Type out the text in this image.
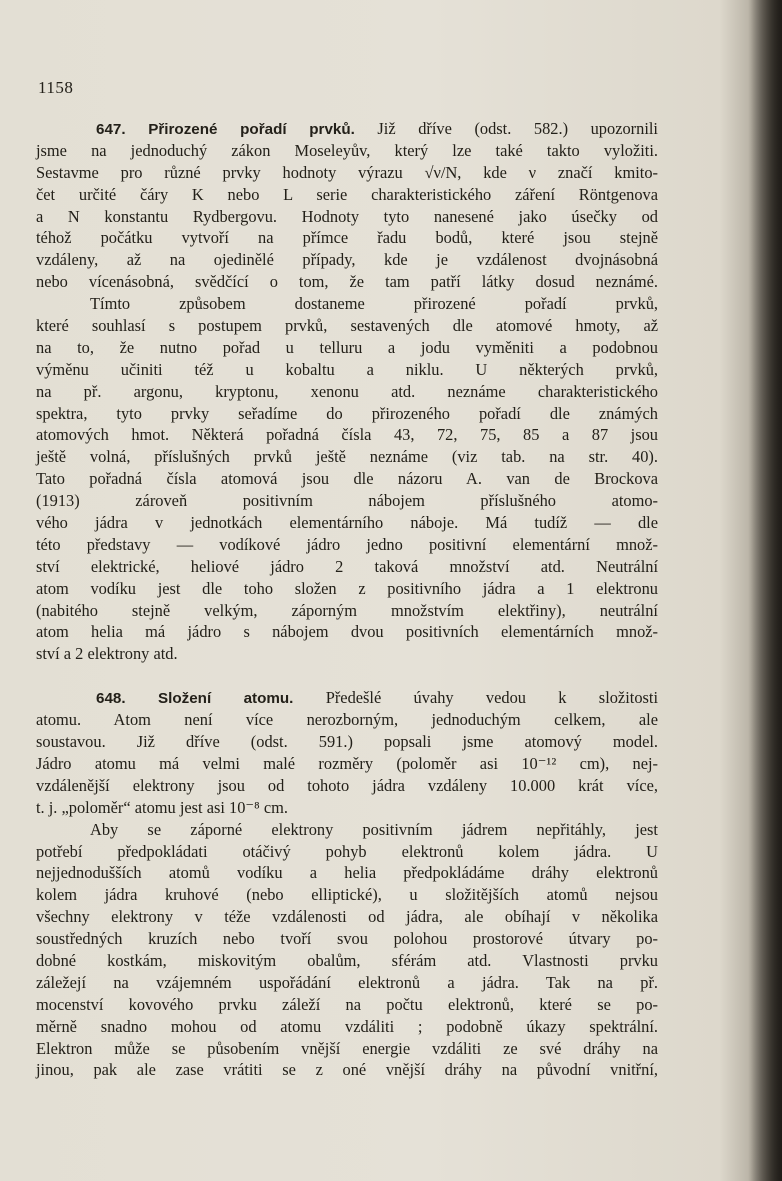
1158
647. Přirozené pořadí prvků. Již dříve (odst. 582.) upozornili
jsme na jednoduchý zákon Moseleyův, který lze také takto vyložiti.
Sestavme pro různé prvky hodnoty výrazu √ν/N, kde ν značí kmito-
čet určité čáry K nebo L serie charakteristického záření Röntgenova
a N konstantu Rydbergovu. Hodnoty tyto nanesené jako úsečky od
téhož počátku vytvoří na přímce řadu bodů, které jsou stejně
vzdáleny, až na ojedinělé případy, kde je vzdálenost dvojnásobná
nebo vícenásobná, svědčící o tom, že tam patří látky dosud neznámé.
Tímto způsobem dostaneme přirozené pořadí prvků,
které souhlasí s postupem prvků, sestavených dle atomové hmoty, až
na to, že nutno pořad u telluru a jodu vyměniti a podobnou
výměnu učiniti též u kobaltu a niklu. U některých prvků,
na př. argonu, kryptonu, xenonu atd. neznáme charakteristického
spektra, tyto prvky seřadíme do přirozeného pořadí dle známých
atomových hmot. Některá pořadná čísla 43, 72, 75, 85 a 87 jsou
ještě volná, příslušných prvků ještě neznáme (viz tab. na str. 40).
Tato pořadná čísla atomová jsou dle názoru A. van de Brockova
(1913) zároveň positivním nábojem příslušného atomo-
vého jádra v jednotkách elementárního náboje. Má tudíž — dle
této představy — vodíkové jádro jedno positivní elementární množ-
ství elektrické, heliové jádro 2 taková množství atd. Neutrální
atom vodíku jest dle toho složen z positivního jádra a 1 elektronu
(nabitého stejně velkým, záporným množstvím elektřiny), neutrální
atom helia má jádro s nábojem dvou positivních elementárních množ-
ství a 2 elektrony atd.
648. Složení atomu. Předešlé úvahy vedou k složitosti
atomu. Atom není více nerozborným, jednoduchým celkem, ale
soustavou. Již dříve (odst. 591.) popsali jsme atomový model.
Jádro atomu má velmi malé rozměry (poloměr asi 10⁻¹² cm), nej-
vzdálenější elektrony jsou od tohoto jádra vzdáleny 10.000 krát více,
t. j. „poloměr“ atomu jest asi 10⁻⁸ cm.
Aby se záporné elektrony positivním jádrem nepřitáhly, jest
potřebí předpokládati otáčivý pohyb elektronů kolem jádra. U
nejjednodušších atomů vodíku a helia předpokládáme dráhy elektronů
kolem jádra kruhové (nebo elliptické), u složitějších atomů nejsou
všechny elektrony v téže vzdálenosti od jádra, ale obíhají v několika
soustředných kruzích nebo tvoří svou polohou prostorové útvary po-
dobné kostkám, miskovitým obalům, sférám atd. Vlastnosti prvku
záležejí na vzájemném uspořádání elektronů a jádra. Tak na př.
mocenství kovového prvku záleží na počtu elektronů, které se po-
měrně snadno mohou od atomu vzdáliti ; podobně úkazy spektrální.
Elektron může se působením vnější energie vzdáliti ze své dráhy na
jinou, pak ale zase vrátiti se z oné vnější dráhy na původní vnitřní,
